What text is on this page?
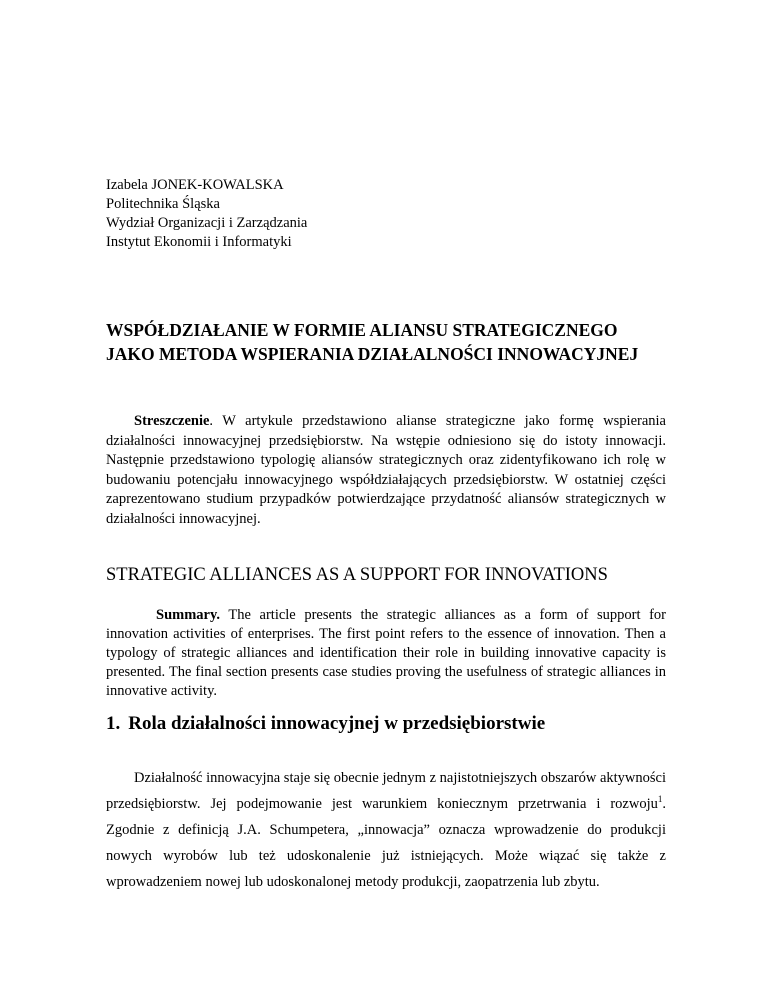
Izabela JONEK-KOWALSKA
Politechnika Śląska
Wydział Organizacji i Zarządzania
Instytut Ekonomii i Informatyki
WSPÓŁDZIAŁANIE W FORMIE ALIANSU STRATEGICZNEGO
JAKO METODA WSPIERANIA DZIAŁALNOŚCI INNOWACYJNEJ

Streszczenie. W artykule przedstawiono alianse strategiczne jako formę wspierania działalności innowacyjnej przedsiębiorstw. Na wstępie odniesiono się do istoty innowacji. Następnie przedstawiono typologię aliansów strategicznych oraz zidentyfikowano ich rolę w budowaniu potencjału innowacyjnego współdziałających przedsiębiorstw. W ostatniej części zaprezentowano studium przypadków potwierdzające przydatność aliansów strategicznych w działalności innowacyjnej.

STRATEGIC ALLIANCES AS A SUPPORT FOR INNOVATIONS

Summary. The article presents the strategic alliances as a form of support for innovation activities of enterprises. The first point refers to the essence of innovation. Then a typology of strategic alliances and identification their role in building innovative capacity is presented. The final section presents case studies proving the usefulness of strategic alliances in innovative activity.

1. Rola działalności innowacyjnej w przedsiębiorstwie

Działalność innowacyjna staje się obecnie jednym z najistotniejszych obszarów aktywności przedsiębiorstw. Jej podejmowanie jest warunkiem koniecznym przetrwania i rozwoju$^1$. Zgodnie z definicją J.A. Schumpetera, „innowacja” oznacza wprowadzenie do produkcji nowych wyrobów lub też udoskonalenie już istniejących. Może wiązać się także z wprowadzeniem nowej lub udoskonalonej metody produkcji, zaopatrzenia lub zbytu.
